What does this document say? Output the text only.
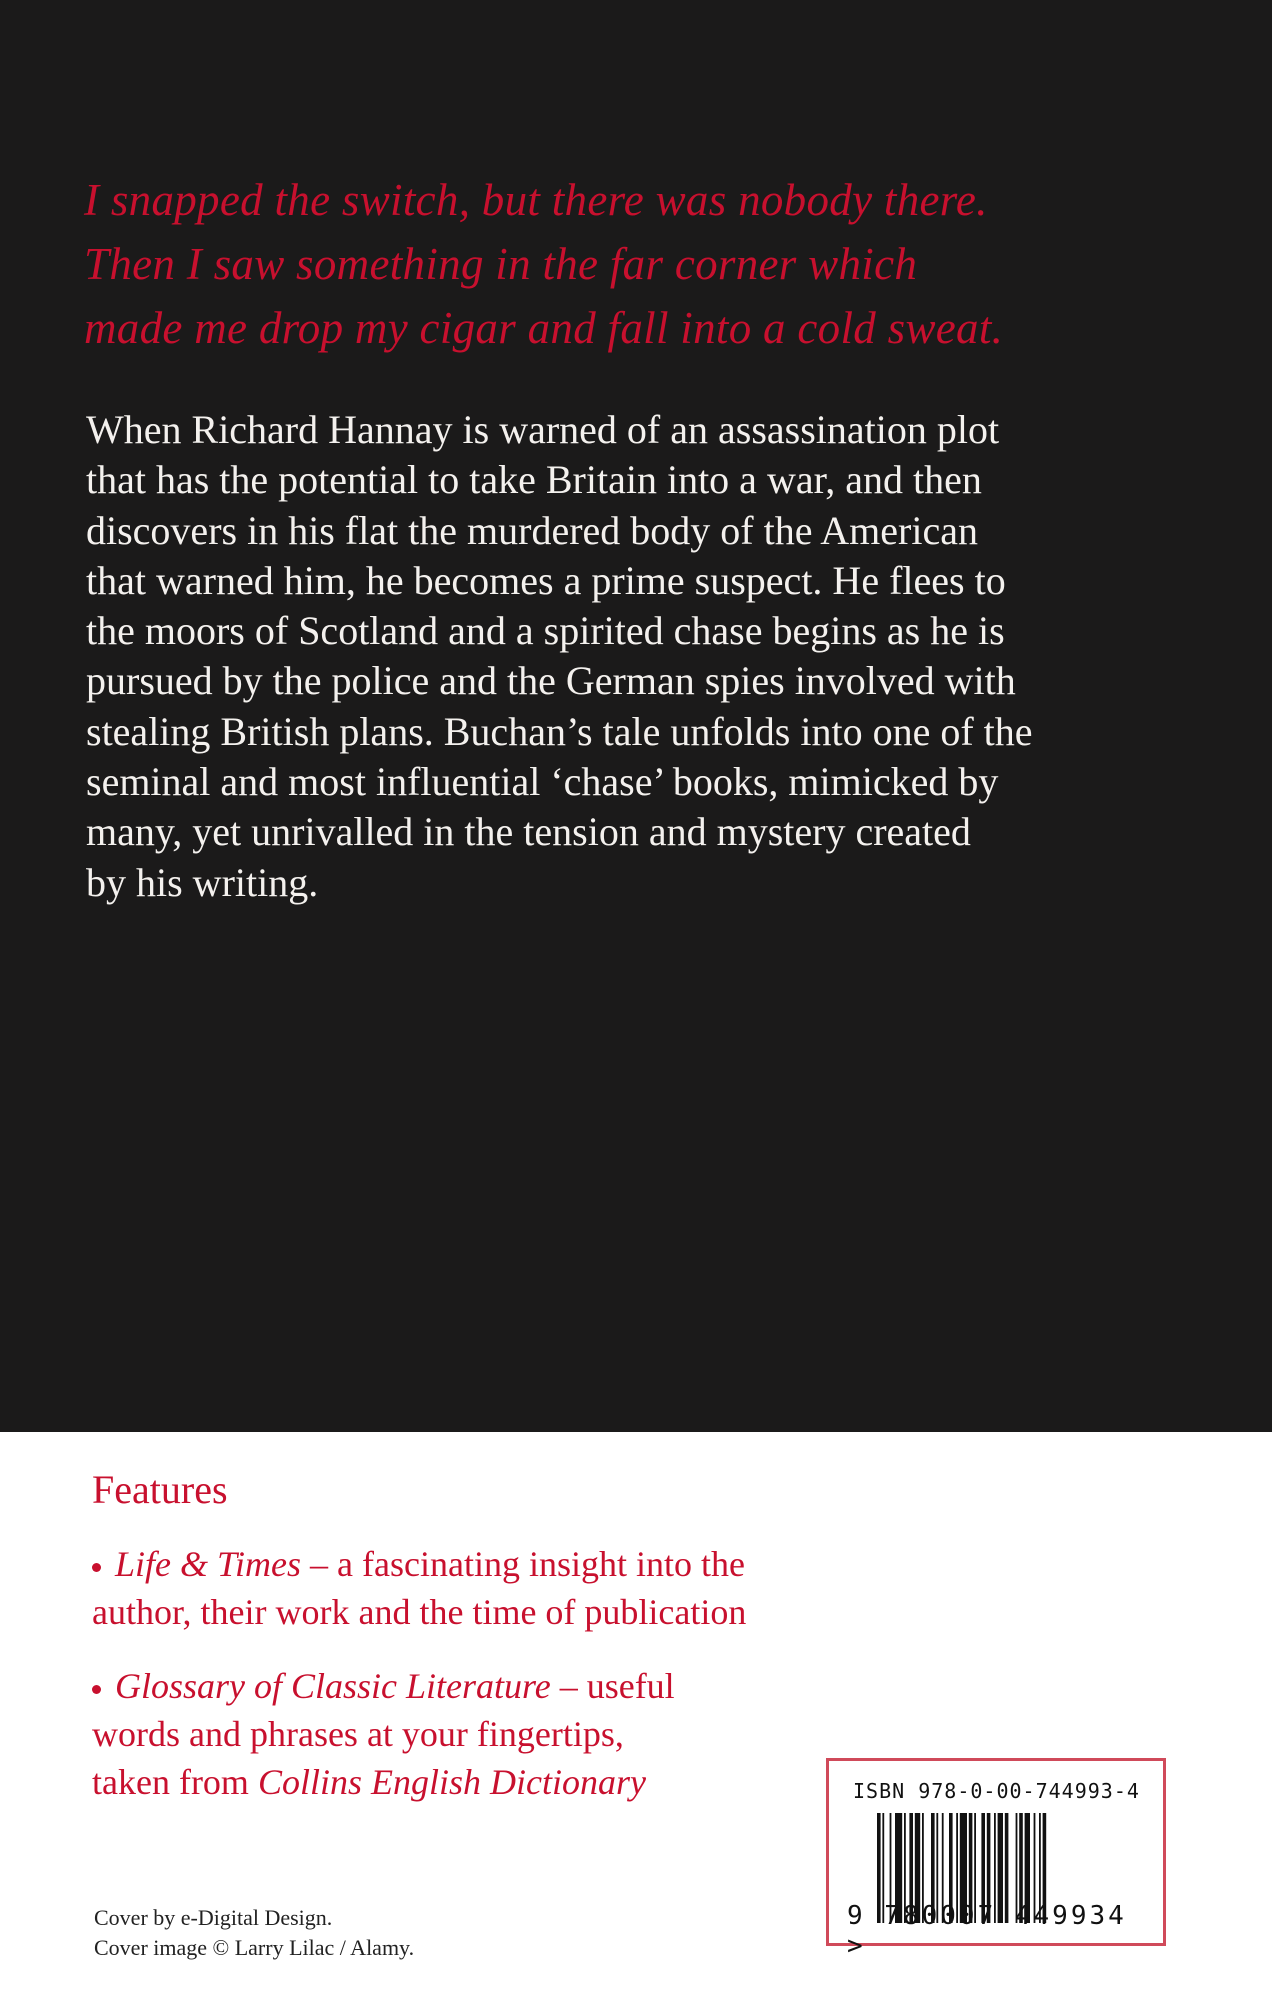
I snapped the switch, but there was nobody there.
Then I saw something in the far corner which
made me drop my cigar and fall into a cold sweat.
When Richard Hannay is warned of an assassination plot
that has the potential to take Britain into a war, and then
discovers in his flat the murdered body of the American
that warned him, he becomes a prime suspect. He flees to
the moors of Scotland and a spirited chase begins as he is
pursued by the police and the German spies involved with
stealing British plans. Buchan’s tale unfolds into one of the
seminal and most influential ‘chase’ books, mimicked by
many, yet unrivalled in the tension and mystery created
by his writing.
Features
Life & Times – a fascinating insight into the
author, their work and the time of publication
Glossary of Classic Literature – useful
words and phrases at your fingertips,
taken from Collins English Dictionary
Cover by e-Digital Design.
Cover image © Larry Lilac / Alamy.
ISBN 978-0-00-744993-4
9 780007 449934 >
